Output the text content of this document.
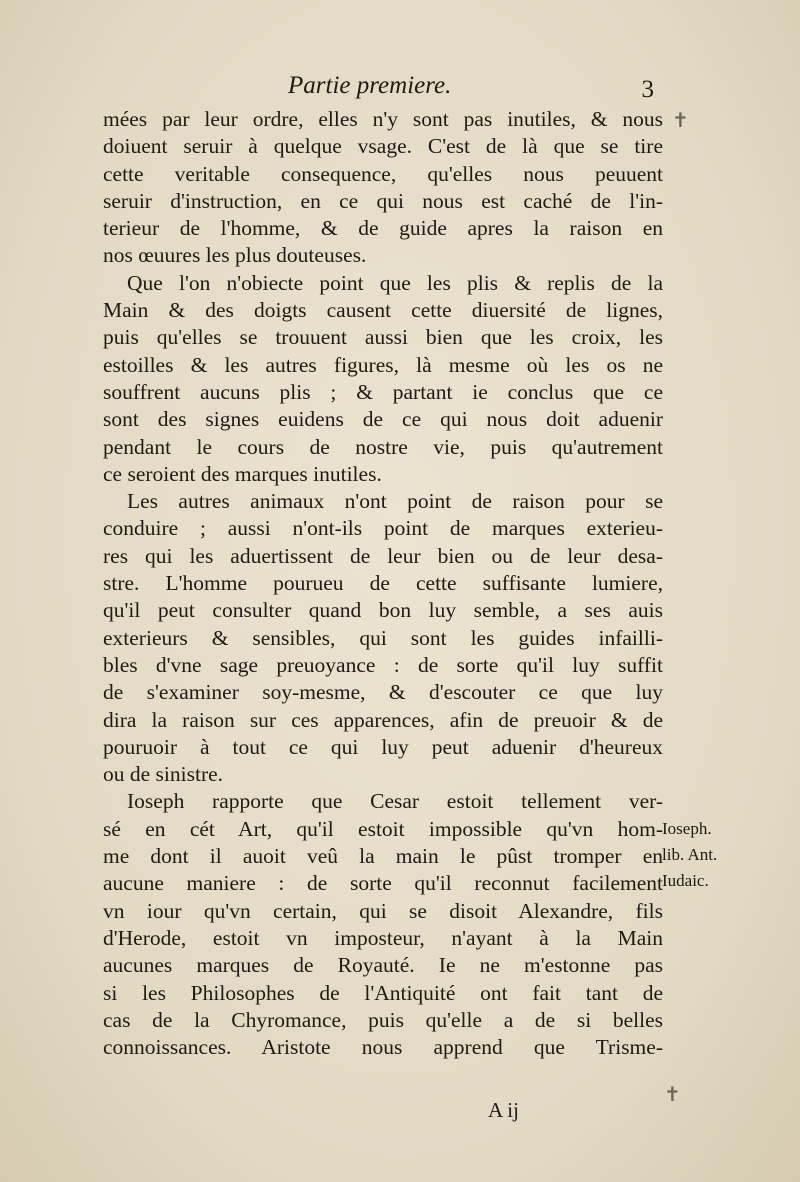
Partie premiere.	3
mées par leur ordre, elles n'y sont pas inutiles, & nous
doiuent seruir à quelque vsage. C'est de là que se tire
cette veritable consequence, qu'elles nous peuuent
seruir d'instruction, en ce qui nous est caché de l'in-
terieur de l'homme, & de guide apres la raison en
nos œuures les plus douteuses.
Que l'on n'obiecte point que les plis & replis de la
Main & des doigts causent cette diuersité de lignes,
puis qu'elles se trouuent aussi bien que les croix, les
estoilles & les autres figures, là mesme où les os ne
souffrent aucuns plis ; & partant ie conclus que ce
sont des signes euidens de ce qui nous doit aduenir
pendant le cours de nostre vie, puis qu'autrement
ce seroient des marques inutiles.
Les autres animaux n'ont point de raison pour se
conduire ; aussi n'ont-ils point de marques exterieu-
res qui les aduertissent de leur bien ou de leur desa-
stre. L'homme pourueu de cette suffisante lumiere,
qu'il peut consulter quand bon luy semble, a ses auis
exterieurs & sensibles, qui sont les guides infailli-
bles d'vne sage preuoyance : de sorte qu'il luy suffit
de s'examiner soy-mesme, & d'escouter ce que luy
dira la raison sur ces apparences, afin de preuoir & de
pouruoir à tout ce qui luy peut aduenir d'heureux
ou de sinistre.
Ioseph rapporte que Cesar estoit tellement ver-
sé en cét Art, qu'il estoit impossible qu'vn hom-
me dont il auoit veû la main le pûst tromper en
aucune maniere : de sorte qu'il reconnut facilement
vn iour qu'vn certain, qui se disoit Alexandre, fils
d'Herode, estoit vn imposteur, n'ayant à la Main
aucunes marques de Royauté. Ie ne m'estonne pas
si les Philosophes de l'Antiquité ont fait tant de
cas de la Chyromance, puis qu'elle a de si belles
connoissances. Aristote nous apprend que Trisme-
Ioseph.
lib. Ant.
Iudaic.
A ij
✝
✝
